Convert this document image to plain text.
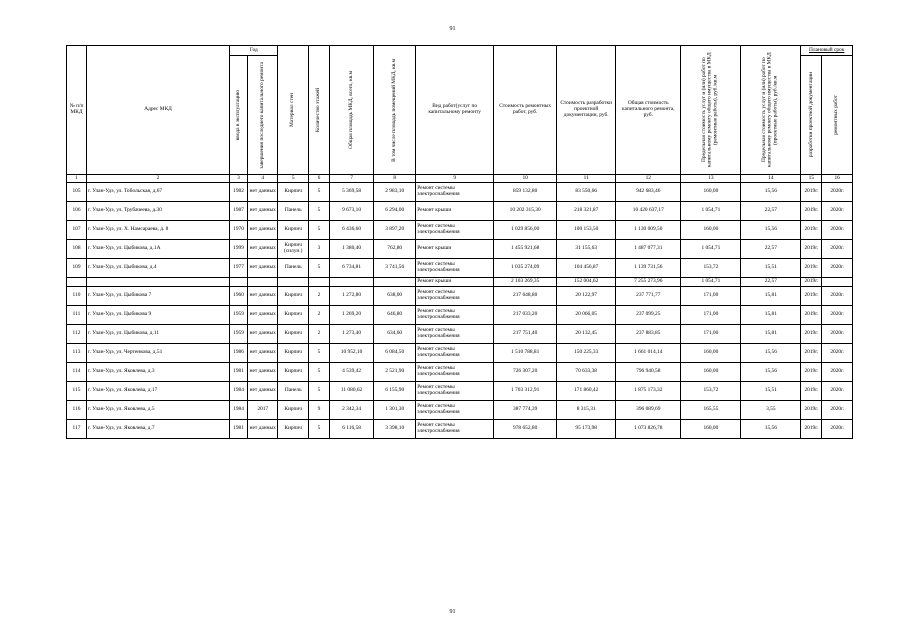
91
№ п/п МКД	Адрес МКД	Год		Материал стен	Количество этажей	Общая площадь МКД, всего, кв.м	В том числе площадь помещений МКД, кв.м	Вид работ(услуг по капитальному ремонту	Стоимость ремонтных работ, руб.	Стоимость разработки проектной документации, руб.	Общая стоимость капитального ремонта, руб.	Предельная стоимость услуг и (или) работ по капитальному ремонту общего имущества в МКД (ремонтные работы), руб./кв.м	Предельная стоимость услуг и (или) работ по капитальному ремонту общего имущества в МКД (проектные работы), руб./кв.м	Плановый срок	

		ввода в эксплуатацию	завершения последнего капитального ремонта											разработки проектной документации	ремонтных работ

1	2	3	4	5	6	7	8	9	10	11	12	13	14	15	16
105	г. Улан-Удэ, ул. Тобольская, д.67	1982	нет данных	Кирпич	5	5 369,58	2 983,10	Ремонт системы электроснабжения	859 132,80	83 550,66	942 683,46	160,00	15,56	2019г.	2020г.
106	г. Улан-Удэ, ул. Трубачеева, д.30	1987	нет данных	Панель	5	9 673,10	6 294,00	Ремонт крыши	10 202 315,30	218 321,87	10 420 637,17	1 054,71	22,57	2019г.	2020г.
107	г. Улан-Удэ, ул. Х. Намсараева, д. 8	1970	нет данных	Кирпич	5	6 436,60	3 897,20	Ремонт системы электроснабжения	1 029 856,00	100 153,50	1 130 009,50	160,00	15,56	2019г.	2020г.
108	г. Улан-Удэ, ул. Цыбикова, д.1А	1999	нет данных	Кирпич (силун.)	3	1 380,40	762,80	Ремонт крыши	1 455 921,68	31 155,63	1 487 077,31	1 054,71	22,57	2019г.	2020г.
109	г. Улан-Удэ, ул. Цыбикова, д.4	1977	нет данных	Панель	5	6 734,81	3 741,56	Ремонт системы электроснабжения	1 035 274,09	104 456,87	1 139 731,56	153,72	15,51	2019г.	2020г.
								Ремонт крыши	2 103 269,35	152 004,62	7 255 273,96	1 054,71	22,57	2019г.	
110	г. Улан-Удэ, ул. Цыбикова 7	1960	нет данных	Кирпич	2	1 272,80	638,00	Ремонт системы электроснабжения	217 648,80	20 122,97	237 771,77	171,00	15,81	2019г.	2020г.
111	г. Улан-Удэ, ул. Цыбикова 9	1959	нет данных	Кирпич	2	1 269,20	646,80	Ремонт системы электроснабжения	217 033,20	20 066,05	237 099,25	171,00	15,81	2019г.	2020г.
112	г. Улан-Удэ, ул. Цыбикова, д.11	1959	нет данных	Кирпич	2	1 273,40	634,60	Ремонт системы электроснабжения	217 751,40	20 132,45	237 883,85	171,00	15,81	2019г.	2020г.
113	г. Улан-Удэ, ул. Чертенкова, д.51	1986	нет данных	Кирпич	5	10 952,10	6 084,50	Ремонт системы электроснабжения	1 510 788,81	150 225,33	1 661 014,14	160,00	15,56	2019г.	2020г.
114	г. Улан-Удэ, ул. Яковлева, д.3	1981	нет данных	Кирпич	5	4 539,42	2 521,90	Ремонт системы электроснабжения	726 307,20	70 633,38	796 940,58	160,00	15,56	2019г.	2020г.
115	г. Улан-Удэ, ул. Яковлева, д.17	1984	нет данных	Панель	5	11 080,62	6 155,90	Ремонт системы электроснабжения	1 703 312,91	171 860,42	1 875 173,32	153,72	15,51	2019г.	2020г.
116	г. Улан-Удэ, ул. Яковлева, д.5	1984	2017	Кирпич	9	2 342,34	1 301,30	Ремонт системы электроснабжения	387 774,39	8 315,31	396 089,69	165,55	3,55	2019г.	2020г.
117	г. Улан-Удэ, ул. Яковлева, д.7	1981	нет данных	Кирпич	5	6 116,58	3 398,10	Ремонт системы электроснабжения	978 652,80	95 173,98	1 073 826,78	160,00	15,56	2019г.	2020г.
91
